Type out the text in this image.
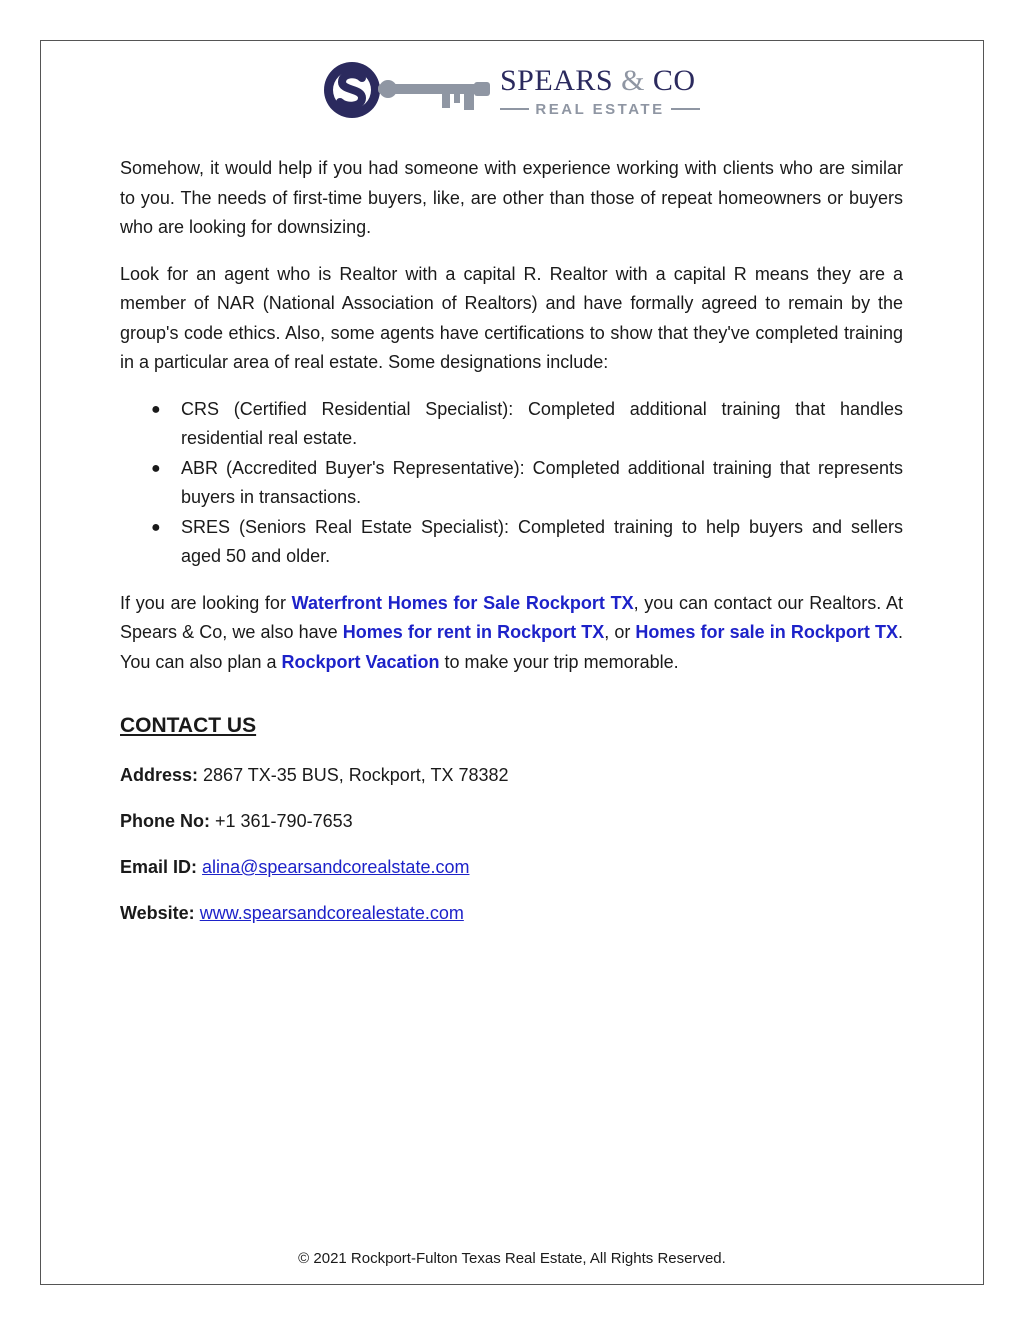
SPEARS & CO
REAL ESTATE

Somehow, it would help if you had someone with experience working with clients who are similar to you. The needs of first-time buyers, like, are other than those of repeat homeowners or buyers who are looking for downsizing.

Look for an agent who is Realtor with a capital R. Realtor with a capital R means they are a member of NAR (National Association of Realtors) and have formally agreed to remain by the group's code ethics. Also, some agents have certifications to show that they've completed training in a particular area of real estate. Some designations include:

● CRS (Certified Residential Specialist): Completed additional training that handles residential real estate.
● ABR (Accredited Buyer's Representative): Completed additional training that represents buyers in transactions.
● SRES (Seniors Real Estate Specialist): Completed training to help buyers and sellers aged 50 and older.

If you are looking for Waterfront Homes for Sale Rockport TX, you can contact our Realtors. At Spears & Co, we also have Homes for rent in Rockport TX, or Homes for sale in Rockport TX. You can also plan a Rockport Vacation to make your trip memorable.

CONTACT US
Address: 2867 TX-35 BUS, Rockport, TX 78382
Phone No: +1 361-790-7653
Email ID: alina@spearsandcorealstate.com
Website: www.spearsandcorealestate.com
© 2021 Rockport-Fulton Texas Real Estate, All Rights Reserved.
